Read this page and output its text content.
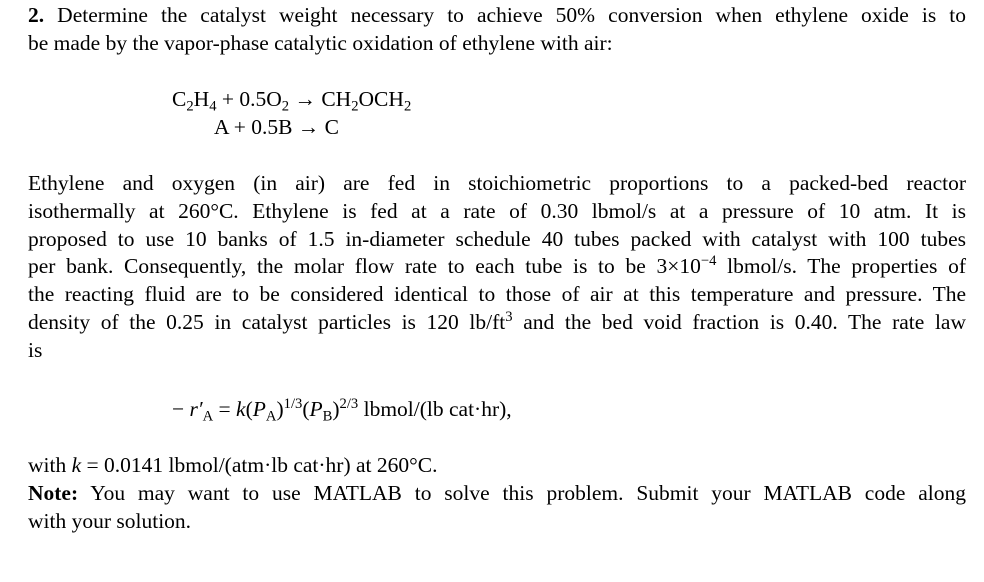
2. Determine the catalyst weight necessary to achieve 50% conversion when ethylene oxide is to
be made by the vapor-phase catalytic oxidation of ethylene with air:
$C_2H_4 + 0.5O_2 \to CH_2OCH_2$
A + 0.5B → C
Ethylene and oxygen (in air) are fed in stoichiometric proportions to a packed-bed reactor
isothermally at 260°C. Ethylene is fed at a rate of 0.30 lbmol/s at a pressure of 10 atm. It is
proposed to use 10 banks of 1.5 in-diameter schedule 40 tubes packed with catalyst with 100 tubes
per bank. Consequently, the molar flow rate to each tube is to be $3\times 10^{-4}$ lbmol/s. The properties of
the reacting fluid are to be considered identical to those of air at this temperature and pressure. The
density of the 0.25 in catalyst particles is 120 $lb/ft^3$ and the bed void fraction is 0.40. The rate law
is
− $r'_A = k(P_A)^{1/3}(P_B)^{2/3}$ lbmol/(lb cat·hr),
with k = 0.0141 lbmol/(atm·lb cat·hr) at 260°C.
Note: You may want to use MATLAB to solve this problem. Submit your MATLAB code along
with your solution.
